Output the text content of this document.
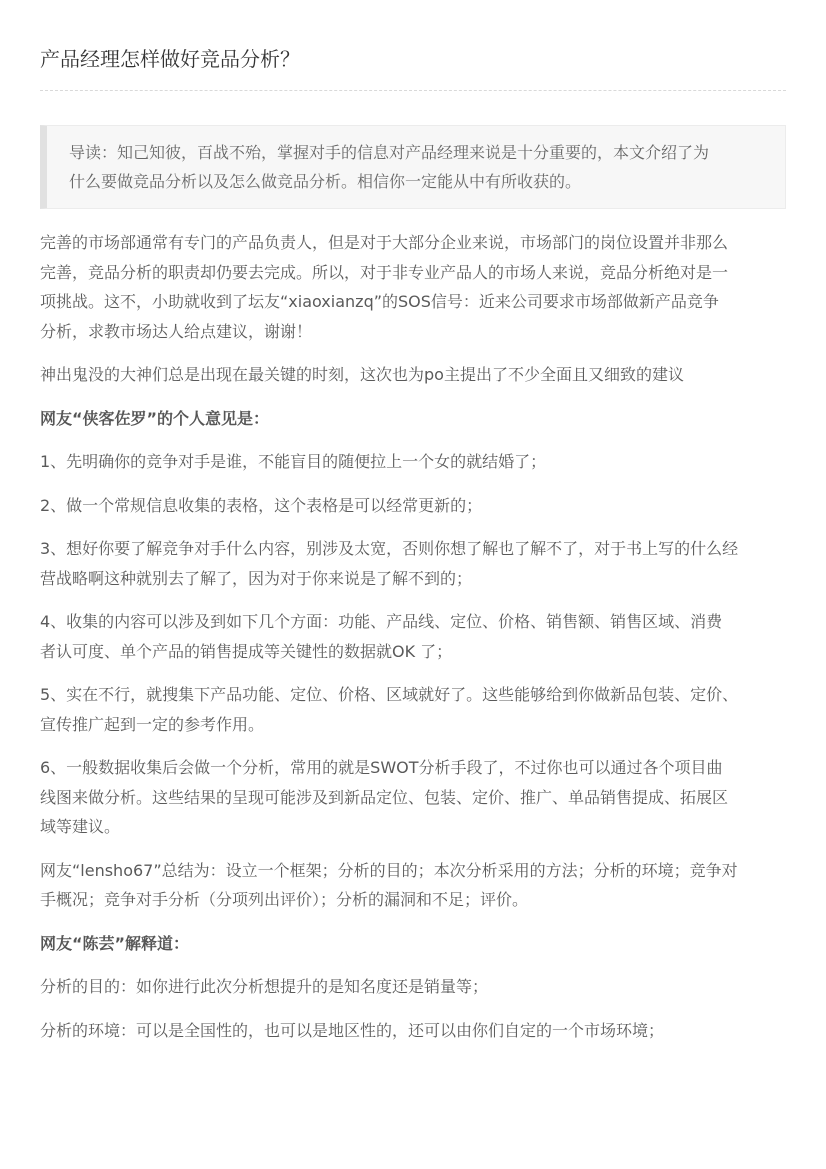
产品经理怎样做好竞品分析？

导读：知己知彼，百战不殆，掌握对手的信息对产品经理来说是十分重要的，本文介绍了为

什么要做竞品分析以及怎么做竞品分析。相信你一定能从中有所收获的。

完善的市场部通常有专门的产品负责人，但是对于大部分企业来说，市场部门的岗位设置并非那么
完善，竞品分析的职责却仍要去完成。所以，对于非专业产品人的市场人来说，竞品分析绝对是一
项挑战。这不，小助就收到了坛友“xiaoxianzq”的SOS信号：近来公司要求市场部做新产品竞争
分析，求教市场达人给点建议，谢谢！

神出鬼没的大神们总是出现在最关键的时刻，这次也为po主提出了不少全面且又细致的建议

网友“侠客佐罗”的个人意见是：

1、先明确你的竞争对手是谁，不能盲目的随便拉上一个女的就结婚了；

2、做一个常规信息收集的表格，这个表格是可以经常更新的；

3、想好你要了解竞争对手什么内容，别涉及太宽，否则你想了解也了解不了，对于书上写的什么经
营战略啊这种就别去了解了，因为对于你来说是了解不到的；

4、收集的内容可以涉及到如下几个方面：功能、产品线、定位、价格、销售额、销售区域、消费
者认可度、单个产品的销售提成等关键性的数据就OK 了；

5、实在不行，就搜集下产品功能、定位、价格、区域就好了。这些能够给到你做新品包装、定价、
宣传推广起到一定的参考作用。

6、一般数据收集后会做一个分析，常用的就是SWOT分析手段了，不过你也可以通过各个项目曲
线图来做分析。这些结果的呈现可能涉及到新品定位、包装、定价、推广、单品销售提成、拓展区
域等建议。

网友“lensho67”总结为：设立一个框架；分析的目的；本次分析采用的方法；分析的环境；竞争对
手概况；竞争对手分析（分项列出评价）；分析的漏洞和不足；评价。

网友“陈芸”解释道：

分析的目的：如你进行此次分析想提升的是知名度还是销量等；

分析的环境：可以是全国性的，也可以是地区性的，还可以由你们自定的一个市场环境；
